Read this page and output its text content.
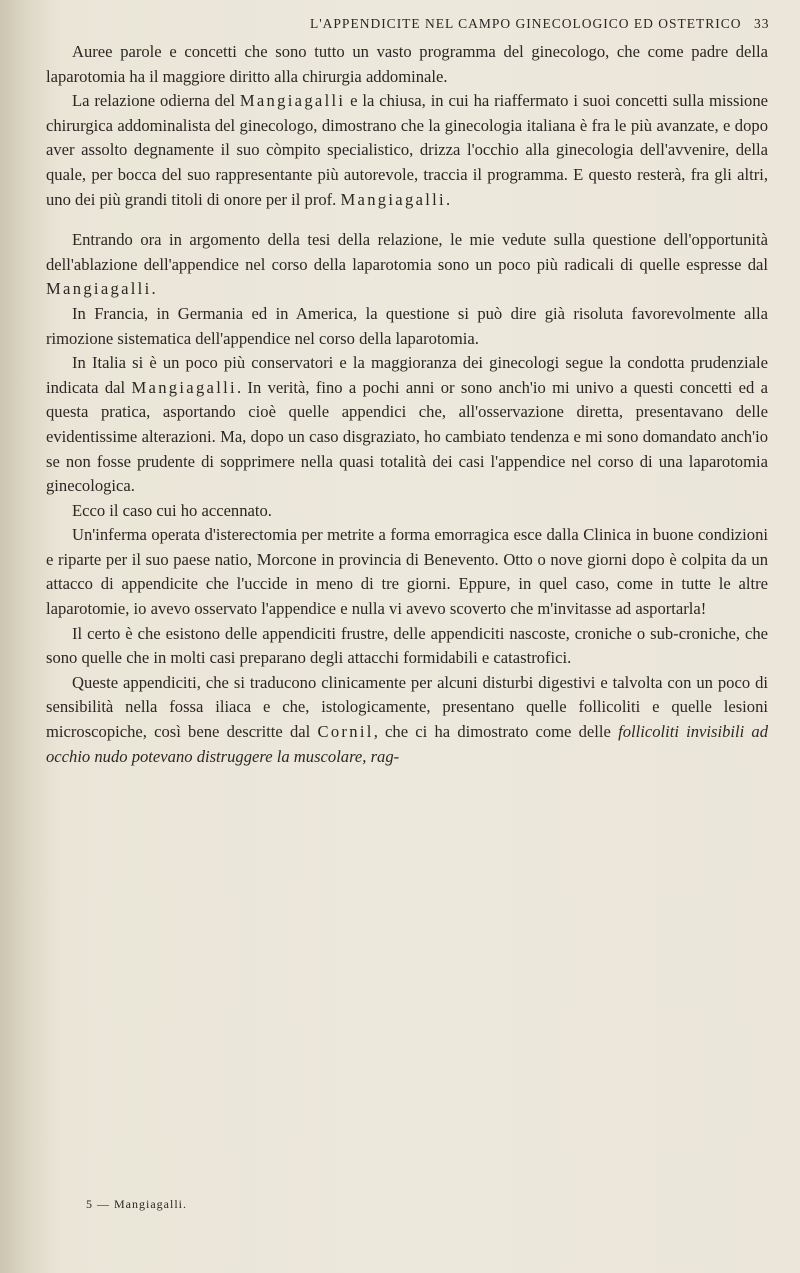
L'APPENDICITE NEL CAMPO GINECOLOGICO ED OSTETRICO 33

Auree parole e concetti che sono tutto un vasto programma del ginecologo, che come padre della laparotomia ha il maggiore diritto alla chirurgia addominale.

La relazione odierna del Mangiagalli e la chiusa, in cui ha riaffermato i suoi concetti sulla missione chirurgica addominalista del ginecologo, dimostrano che la ginecologia italiana è fra le più avanzate, e dopo aver assolto degnamente il suo còmpito specialistico, drizza l'occhio alla ginecologia dell'avvenire, della quale, per bocca del suo rappresentante più autorevole, traccia il programma. E questo resterà, fra gli altri, uno dei più grandi titoli di onore per il prof. Mangiagalli.

Entrando ora in argomento della tesi della relazione, le mie vedute sulla questione dell'opportunità dell'ablazione dell'appendice nel corso della laparotomia sono un poco più radicali di quelle espresse dal Mangiagalli.

In Francia, in Germania ed in America, la questione si può dire già risoluta favorevolmente alla rimozione sistematica dell'appendice nel corso della laparotomia.

In Italia si è un poco più conservatori e la maggioranza dei ginecologi segue la condotta prudenziale indicata dal Mangiagalli. In verità, fino a pochi anni or sono anch'io mi univo a questi concetti ed a questa pratica, asportando cioè quelle appendici che, all'osservazione diretta, presentavano delle evidentissime alterazioni. Ma, dopo un caso disgraziato, ho cambiato tendenza e mi sono domandato anch'io se non fosse prudente di sopprimere nella quasi totalità dei casi l'appendice nel corso di una laparotomia ginecologica.

Ecco il caso cui ho accennato.

Un'inferma operata d'isterectomia per metrite a forma emorragica esce dalla Clinica in buone condizioni e riparte per il suo paese natio, Morcone in provincia di Benevento. Otto o nove giorni dopo è colpita da un attacco di appendicite che l'uccide in meno di tre giorni. Eppure, in quel caso, come in tutte le altre laparotomie, io avevo osservato l'appendice e nulla vi avevo scoverto che m'invitasse ad asportarla!

Il certo è che esistono delle appendiciti frustre, delle appendiciti nascoste, croniche o sub-croniche, che sono quelle che in molti casi preparano degli attacchi formidabili e catastrofici.

Queste appendiciti, che si traducono clinicamente per alcuni disturbi digestivi e talvolta con un poco di sensibilità nella fossa iliaca e che, istologicamente, presentano quelle follicoliti e quelle lesioni microscopiche, così bene descritte dal Cornil, che ci ha dimostrato come delle follicoliti invisibili ad occhio nudo potevano distruggere la muscolare, rag-

5 — Mangiagalli.
